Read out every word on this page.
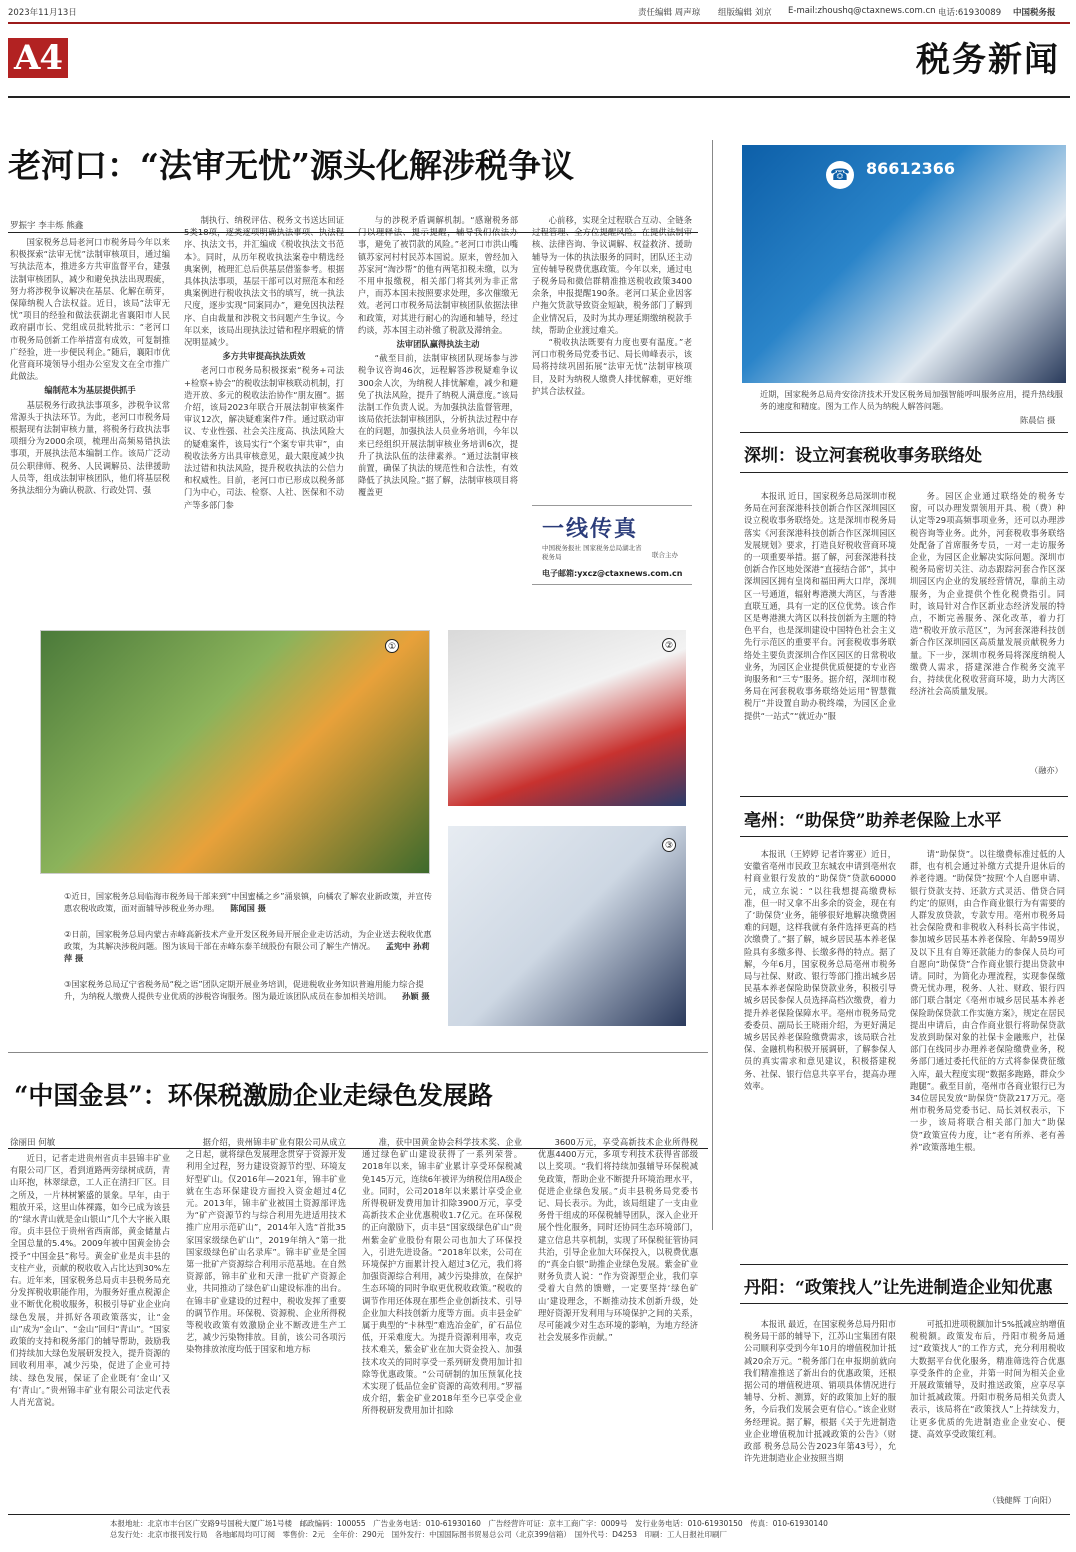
2023年11月13日	责任编辑 周声琼 组版编辑 刘京 E-mail:zhoushq@ctaxnews.com.cn 电话:61930089 中国税务报
A4	税务新闻
老河口：“法审无忧”源头化解涉税争议
罗振宇 李丰烁 熊鑫

国家税务总局老河口市税务局今年以来积极探索“法审无忧”法制审核项目，通过编写执法范本，推进多方共审监督平台，建强法制审核团队，减少和避免执法出现瑕疵，努力将涉税争议解决在基层、化解在萌芽，保障纳税人合法权益。近日，该局“法审无忧”项目的经验和做法获湖北省襄阳市人民政府副市长、党组成员批转批示：“老河口市税务局创新工作举措富有成效，可复制推广经验，进一步便民利企。”随后，襄阳市优化营商环境领导小组办公室发文在全市推广此做法。

编制范本为基层提供抓手

基层税务行政执法事项多，涉税争议常常源头于执法环节。为此，老河口市税务局根据现有法制审核力量，将税务行政执法事项细分为2000余项，梳理出高频易错执法事项，开展执法范本编制工作。该局广泛动员公职律师、税务、人民调解员、法律援助人员等，组成法制审核团队，他们将基层税务执法细分为确认税款、行政处罚、强

制执行、纳税评估、税务文书送达回证5类18项，逐类逐项明确执法事项、执法程序、执法文书，并汇编成《税收执法文书范本》。同时，从历年税收执法案卷中精选经典案例，梳理汇总后供基层借鉴参考。根据具体执法事项，基层干部可以对照范本和经典案例进行税收执法文书的填写，统一执法尺度，逐步实现“同案同办”，避免因执法程序、自由裁量和涉税文书问题产生争议。今年以来，该局出现执法过错和程序瑕疵的情况明显减少。

多方共审提高执法质效

老河口市税务局积极探索“税务+司法+检察+协会”的税收法制审核联动机制，打造开放、多元的税收法治协作“朋友圈”。据介绍，该局2023年联合开展法制审核案件审议12次，解决疑难案件7件。通过联动审议、专业性强、社会关注度高、执法风险大的疑难案件，该局实行“个案专审共审”，由税收法务方出具审核意见，最大限度减少执法过错和执法风险，提升税收执法的公信力和权威性。目前，老河口市已形成以税务部门为中心，司法、检察、人社、医保和不动产等多部门参

与的涉税矛盾调解机制。“感谢税务部门以理释法、提示提醒，辅导我们依法办事，避免了被罚款的风险。”老河口市洪山嘴镇苏家河村村民苏本国说。原来，曾经加入苏家河“淘沙帮”的他有两笔扣税未缴，以为不用申报缴税，相关部门将其列为非正常户，而苏本国未按照要求处理，多次催缴无效。老河口市税务局法制审核团队依据法律和政策，对其进行耐心的沟通和辅导，经过约谈，苏本国主动补缴了税款及滞纳金。

法审团队赢得执法主动

“截至目前，法制审核团队现场参与涉税争议咨询46次，远程解答涉税疑难争议300余人次，为纳税人排忧解难，减少和避免了执法风险，提升了纳税人满意度。”该局法制工作负责人说。为加强执法监督管理，该局依托法制审核团队，分析执法过程中存在的问题，加强执法人员业务培训，今年以来已经组织开展法制审核业务培训6次，提升了执法队伍的法律素养。“通过法制审核前置，确保了执法的规范性和合法性，有效降低了执法风险。”据了解，法制审核项目将覆盖更

心前移，实现全过程联合互动、全链条过程管理、全方位提醒风险。在提供法制审核、法律咨询、争议调解、权益救济、援助辅导为一体的执法服务的同时，团队还主动宣传辅导税费优惠政策。今年以来，通过电子税务局和微信群精准推送税收政策3400余条，申报提醒190条。老河口某企业因客户拖欠货款导致资金短缺，税务部门了解到企业情况后，及时为其办理延期缴纳税款手续，帮助企业渡过难关。

“税收执法既要有力度也要有温度。”老河口市税务局党委书记、局长帅峰表示，该局将持续巩固拓展“法审无忧”法制审核项目，及时为纳税人缴费人排忧解难，更好维护其合法权益。

一线传真
中国税务报社 国家税务总局湖北省税务局	联合主办
电子邮箱:yxcz@ctaxnews.com.cn
86612366
☎
近期，国家税务总局舟安徐济技术开发区税务局加强智能呼叫服务应用，提升热线服务的速度和精度。图为工作人员为纳税人解答问题。
陈晨信 摄
深圳：设立河套税收事务联络处

本报讯 近日，国家税务总局深圳市税务局在河套深港科技创新合作区深圳园区设立税收事务联络处。这是深圳市税务局落实《河套深港科技创新合作区深圳园区发展规划》要求，打造良好税收营商环境的一项重要举措。据了解，河套深港科技创新合作区地处深港“直接结合部”，其中深圳园区拥有皇岗和福田两大口岸，深圳区一号通道，辐射粤港澳大湾区，与香港直联互通，具有一定的区位优势。该合作区是粤港澳大湾区以科技创新为主题的特色平台，也是深圳建设中国特色社会主义先行示范区的重要平台。河套税收事务联络处主要负责深圳合作区园区的日常税收业务，为园区企业提供优质便捷的专业咨询服务和“三专”服务。据介绍，深圳市税务局在河套税收事务联络处运用“智慧微税厅”并设置自助办税终端，为园区企业提供“一站式”“就近办”服

务。园区企业通过联络处的税务专窗，可以办理发票领用开具、税（费）种认定等29项高频事项业务，还可以办理涉税咨询等业务。此外，河套税收事务联络处配备了首席服务专员，一对一走访服务企业，为园区企业解决实际问题。深圳市税务局密切关注、动态跟踪河套合作区深圳园区内企业的发展经营情况，靠前主动服务，为企业提供个性化税费指引。同时，该局针对合作区新业态经济发展的特点，不断完善服务、深化改革，着力打造“税收开放示范区”，为河套深港科技创新合作区深圳园区高质量发展贡献税务力量。下一步，深圳市税务局将深度纳税人缴费人需求，搭建深港合作税务交流平台，持续优化税收营商环境，助力大湾区经济社会高质量发展。

（融亦）
①	②
③
①近日，国家税务总局临海市税务局干部来到“中国蜜橘之乡”涌泉镇，向橘农了解农业新政策，并宣传惠农税收政策，面对面辅导涉税业务办理。 陈闻国 摄
②日前，国家税务总局内蒙古赤峰高新技术产业开发区税务局开展企业走访活动，为企业送去税收优惠政策，为其解决涉税问题。图为该局干部在赤峰东泰羊绒股份有限公司了解生产情况。 孟宪中 孙莉萍 摄
③国家税务总局辽宁省税务局“税之语”团队定期开展业务培训，促进税收业务知识普遍用能力综合提升，为纳税人缴费人提供专业优质的涉税咨询服务。图为最近该团队成员在参加相关培训。 孙颖 摄
亳州：“助保贷”助养老保险上水平

本报讯（王婷婷 记者许雾亚）近日，安徽省亳州市民政卫东城农申请到亳州农村商业银行发放的“助保贷”贷款60000元，成立东说：“以往我想提高缴费标准，但一时又拿不出多余的资金，现在有了‘助保贷’业务，能够很好地解决缴费困难的问题，这样我就有条件选择更高的档次缴费了。”据了解，城乡居民基本养老保险具有多缴多得、长缴多得的特点。据了解，今年6月，国家税务总局亳州市税务局与社保、财政、银行等部门推出城乡居民基本养老保险助保贷款业务，积极引导城乡居民参保人员选择高档次缴费，着力提升养老保险保障水平。亳州市税务局党委委员、副局长王晓雨介绍，为更好满足城乡居民养老保险缴费需求，该局联合社保、金融机构积极开展调研，了解参保人员的真实需求和意见建议，积极搭建税务、社保、银行信息共享平台，提高办理效率。

请“助保贷”。以往缴费标准过低的人群，也有机会通过补缴方式提升退休后的养老待遇。“助保贷”按照‘个人自愿申请、银行贷款支持、还款方式灵活、借贷合同约定’的原则，由合作商业银行为有需要的人群发放贷款，专款专用。亳州市税务局社会保险费和非税收入科科长高宇伟说，参加城乡居民基本养老保险、年龄59周岁及以下且有自筹还款能力的参保人员均可自愿向“助保贷”合作商业银行提出贷款申请。同时，为简化办理流程，实现参保缴费无忧办理，税务、人社、财政、银行四部门联合制定《亳州市城乡居民基本养老保险助保贷款工作实施方案》，规定在居民提出申请后，由合作商业银行将助保贷款发放到助保对象的社保卡金融账户，社保部门在线同步办理养老保险缴费业务，税务部门通过委托代征的方式将参保费征缴入库，最大程度实现“数据多跑路，群众少跑腿”。截至目前，亳州市各商业银行已为34位居民发放“助保贷”贷款217万元。亳州市税务局党委书记、局长刘权表示，下一步，该局将联合相关部门加大“助保贷”政策宣传力度，让“老有所养、老有善养”政策落地生根。

丹阳：“政策找人”让先进制造企业知优惠

本报讯 最近，在国家税务总局丹阳市税务局干部的辅导下，江苏山宝集团有限公司顺利享受到今年10月的增值税加计抵减20余万元。“税务部门在申报期前就向我们精准推送了新出台的优惠政策，还根据公司的增值税进项、销项具体情况进行辅导、分析、测算，好的政策加上好的服务，今后我们发展会更有信心。”该企业财务经理说。据了解，根据《关于先进制造业企业增值税加计抵减政策的公告》（财政部 税务总局公告2023年第43号），允许先进制造业企业按照当期

可抵扣进项税额加计5%抵减应纳增值税税额。政策发布后，丹阳市税务局通过“政策找人”的工作方式，充分利用税收大数据平台优化服务，精准筛选符合优惠享受条件的企业，并第一时间为相关企业开展政策辅导，及时推送政策，应享尽享加计抵减政策。丹阳市税务局相关负责人表示，该局将在“政策找人”上持续发力，让更多优质的先进制造业企业安心、便捷、高效享受政策红利。

（钱健辉 丁向阳）
“中国金县”：环保税激励企业走绿色发展路
徐丽田 何敏

近日，记者走进贵州省贞丰县锦丰矿业有限公司厂区，看到道路两旁绿树成荫，青山环抱，林翠绿意，工人正在清扫厂区。目之所及，一片林树繁盛的景象。早年，由于粗放开采，这里山体裸露，如今已成为该县的“绿水青山就是金山银山”几个大字嵌入眼帘。贞丰县位于贵州省西南部，黄金储量占全国总量的5.4%。2009年被中国黄金协会授予“中国金县”称号。黄金矿业是贞丰县的支柱产业，贡献的税收收入占比达到30%左右。近年来，国家税务总局贞丰县税务局充分发挥税收职能作用，为服务好重点税源企业不断优化税收服务，积极引导矿业企业向绿色发展，并抓好各项政策落实，让“金山”成为“金山”、“金山”回归“青山”。“国家政策的支持和税务部门的辅导帮助，鼓励我们持续加大绿色发展研发投入，提升资源的回收利用率，减少污染，促进了企业可持续、绿色发展，保证了企业既有‘金山’又有‘青山’。”贵州锦丰矿业有限公司法定代表人肖光富说。

据介绍，贵州锦丰矿业有限公司从成立之日起，就将绿色发展理念贯穿于资源开发利用全过程，努力建设资源节约型、环境友好型矿山。仅2016年—2021年，锦丰矿业就在生态环保建设方面投入资金超过4亿元。2013年，锦丰矿业被国土资源部评选为“矿产资源节约与综合利用先进适用技术推广应用示范矿山”，2014年入选“首批35家国家级绿色矿山”，2019年纳入“第一批国家级绿色矿山名录库”。锦丰矿业是全国第一批矿产资源综合利用示范基地。在自然资源部，锦丰矿业和天津一批矿产资源企业，共同推动了绿色矿山建设标准的出台。在锦丰矿业建设的过程中，税收发挥了重要的调节作用。环保税、资源税、企业所得税等税收政策有效激励企业不断改进生产工艺，减少污染物排放。目前，该公司各项污染物排放浓度均低于国家和地方标

准，获中国黄金协会科学技术奖、企业通过绿色矿山建设获得了一系列荣誉。2018年以来，锦丰矿业累计享受环保税减免145万元，连续6年被评为纳税信用A级企业。同时，公司2018年以来累计享受企业所得税研发费用加计扣除3900万元，享受高新技术企业优惠税收1.7亿元。在环保税的正向激励下，贞丰县“国家级绿色矿山”贵州紫金矿业股份有限公司也加大了环保投入，引进先进设备。“2018年以来，公司在环境保护方面累计投入超过3亿元，我们将加强资源综合利用，减少污染排放，在保护生态环境的同时争取更优税收政策。”税收的调节作用还体现在那些企业创新技术、引导企业加大科技创新力度等方面。贞丰县金矿属于典型的“卡林型”难选冶金矿，矿石品位低，开采难度大。为提升资源利用率，攻克技术难关，紫金矿业在加大资金投入、加强技术攻关的同时享受一系列研发费用加计扣除等优惠政策。“公司研制的加压预氧化技术实现了低品位金矿资源的高效利用。”罗福成介绍，紫金矿业2018年至今已享受企业所得税研发费用加计扣除

3600万元，享受高新技术企业所得税优惠4400万元，多项专利技术获得省部级以上奖项。“我们将持续加强辅导环保税减免政策，帮助企业不断提升环境治理水平，促进企业绿色发展。”贞丰县税务局党委书记、局长表示。为此，该局组建了一支由业务骨干组成的环保税辅导团队，深入企业开展个性化服务，同时还协同生态环境部门，建立信息共享机制，实现了环保税征管协同共治，引导企业加大环保投入，以税费优惠的“真金白银”助推企业绿色发展。紫金矿业财务负责人说：“作为资源型企业，我们享受着大自然的馈赠，一定要坚持‘绿色矿山’建设理念，不断推动技术创新升级，处理好资源开发利用与环境保护之间的关系，尽可能减少对生态环境的影响，为地方经济社会发展多作贡献。”

本报地址：北京市丰台区广安路9号国税大厦广场1号楼　邮政编码：100055　广告业务电话：010-61930160　广告经营许可证：京丰工商广字：0009号　发行业务电话：010-61930150　传真：010-61930140
总发行处：北京市报刊发行局　各地邮局均可订阅　零售价：2元　全年价：290元　国外发行：中国国际图书贸易总公司（北京399信箱）　国外代号：D4253　印刷：工人日报社印刷厂
